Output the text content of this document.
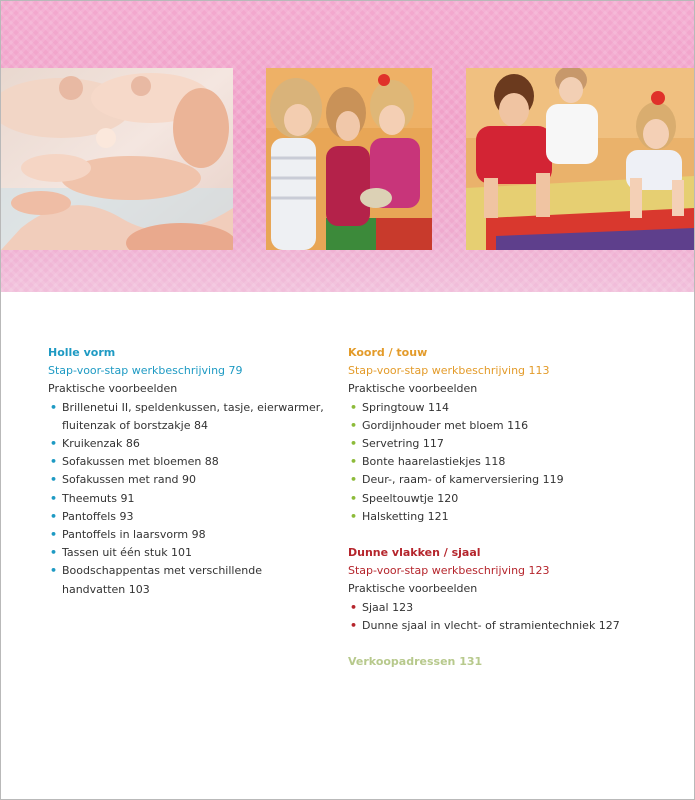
Holle vorm

Stap-voor-stap werkbeschrijving 79

Praktische voorbeelden

• Brillenetui II, speldenkussen, tasje, eierwarmer,
fluitenzak of borstzakje 84
• Kruikenzak 86
• Sofakussen met bloemen 88
• Sofakussen met rand 90
• Theemuts 91
• Pantoffels 93
• Pantoffels in laarsvorm 98
• Tassen uit één stuk 101
• Boodschappentas met verschillende
handvatten 103

Koord / touw

Stap-voor-stap werkbeschrijving 113

Praktische voorbeelden

• Springtouw 114
• Gordijnhouder met bloem 116
• Servetring 117
• Bonte haarelastiekjes 118
• Deur-, raam- of kamerversiering 119
• Speeltouwtje 120
• Halsketting 121

Dunne vlakken / sjaal

Stap-voor-stap werkbeschrijving 123

Praktische voorbeelden

• Sjaal 123
• Dunne sjaal in vlecht- of stramientechniek 127

Verkoopadressen 131
